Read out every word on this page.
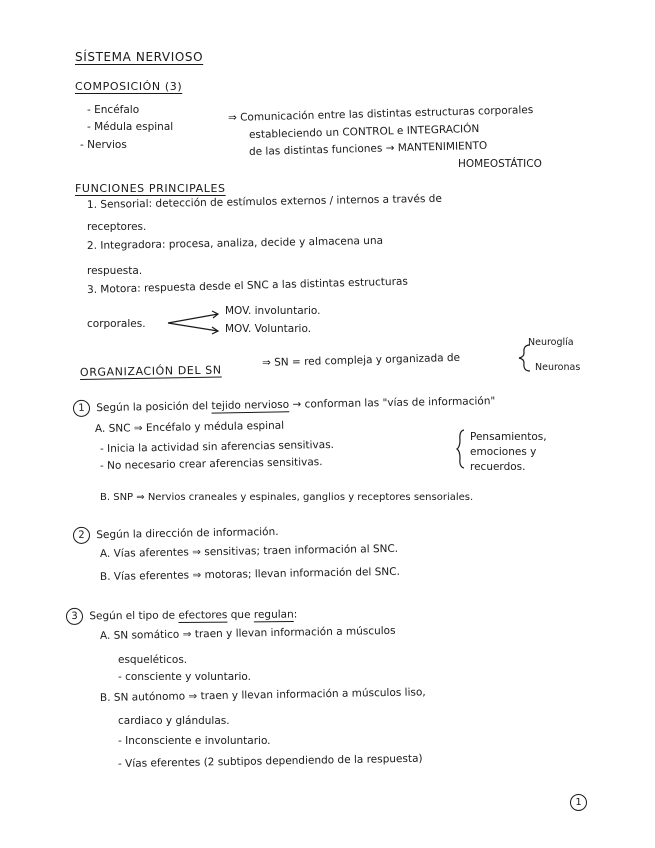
SÍSTEMA NERVIOSO
COMPOSICIÓN (3)
- Encéfalo
- Médula espinal
- Nervios
⇒ Comunicación entre las distintas estructuras corporales
estableciendo un CONTROL e INTEGRACIÓN
de las distintas funciones → MANTENIMIENTO
HOMEOSTÁTICO
FUNCIONES PRINCIPALES
1. Sensorial: detección de estímulos externos / internos a través de
receptores.
2. Integradora: procesa, analiza, decide y almacena una
respuesta.
3. Motora: respuesta desde el SNC a las distintas estructuras
corporales.
MOV. involuntario.
MOV. Voluntario.
ORGANIZACIÓN DEL SN
⇒ SN = red compleja y organizada de
Neuroglía
Neuronas
1 Según la posición del tejido nervioso → conforman las "vías de información"
A. SNC ⇒ Encéfalo y médula espinal
- Inicia la actividad sin aferencias sensitivas.
- No necesario crear aferencias sensitivas.
Pensamientos,
emociones y
recuerdos.
B. SNP ⇒ Nervios craneales y espinales, ganglios y receptores sensoriales.
2 Según la dirección de información.
A. Vías aferentes ⇒ sensitivas; traen información al SNC.
B. Vías eferentes ⇒ motoras; llevan información del SNC.
3 Según el tipo de efectores que regulan:
A. SN somático ⇒ traen y llevan información a músculos
esqueléticos.
- consciente y voluntario.
B. SN autónomo ⇒ traen y llevan información a músculos liso,
cardiaco y glándulas.
- Inconsciente e involuntario.
- Vías eferentes (2 subtipos dependiendo de la respuesta)
1
